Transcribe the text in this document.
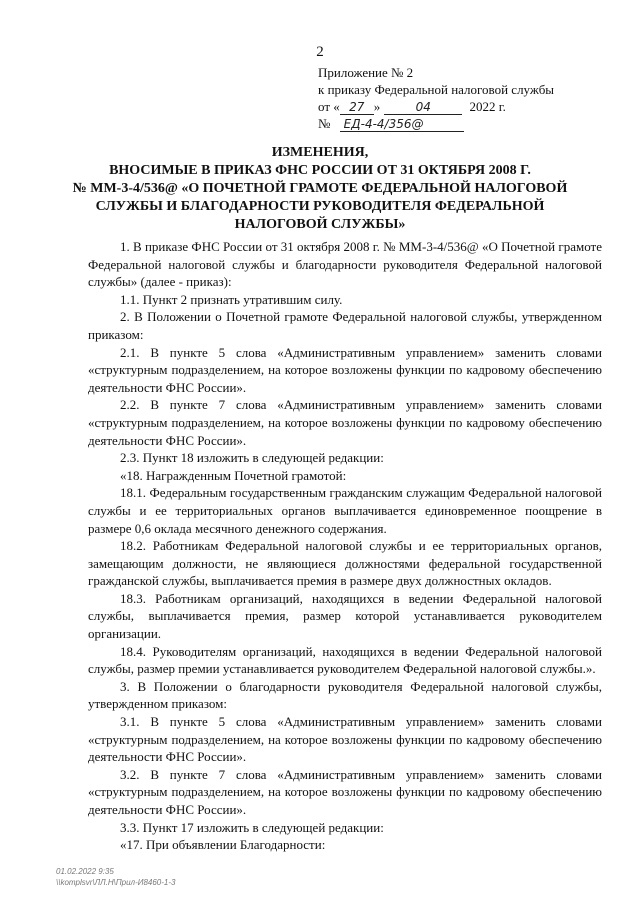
2
Приложение № 2
к приказу Федеральной налоговой службы
от « 27 »	04	2022 г.
№ ЕД-4-4/356@
ИЗМЕНЕНИЯ,
ВНОСИМЫЕ В ПРИКАЗ ФНС РОССИИ ОТ 31 ОКТЯБРЯ 2008 Г.
№ ММ-3-4/536@ «О ПОЧЕТНОЙ ГРАМОТЕ ФЕДЕРАЛЬНОЙ НАЛОГОВОЙ
СЛУЖБЫ И БЛАГОДАРНОСТИ РУКОВОДИТЕЛЯ ФЕДЕРАЛЬНОЙ
НАЛОГОВОЙ СЛУЖБЫ»

1. В приказе ФНС России от 31 октября 2008 г. № ММ-3-4/536@ «О Почетной грамоте Федеральной налоговой службы и благодарности руководителя Федеральной налоговой службы» (далее - приказ):

1.1. Пункт 2 признать утратившим силу.

2. В Положении о Почетной грамоте Федеральной налоговой службы, утвержденном приказом:

2.1. В пункте 5 слова «Административным управлением» заменить словами «структурным подразделением, на которое возложены функции по кадровому обеспечению деятельности ФНС России».

2.2. В пункте 7 слова «Административным управлением» заменить словами «структурным подразделением, на которое возложены функции по кадровому обеспечению деятельности ФНС России».

2.3. Пункт 18 изложить в следующей редакции:

«18. Награжденным Почетной грамотой:

18.1. Федеральным государственным гражданским служащим Федеральной налоговой службы и ее территориальных органов выплачивается единовременное поощрение в размере 0,6 оклада месячного денежного содержания.

18.2. Работникам Федеральной налоговой службы и ее территориальных органов, замещающим должности, не являющиеся должностями федеральной государственной гражданской службы, выплачивается премия в размере двух должностных окладов.

18.3. Работникам организаций, находящихся в ведении Федеральной налоговой службы, выплачивается премия, размер которой устанавливается руководителем организации.

18.4. Руководителям организаций, находящихся в ведении Федеральной налоговой службы, размер премии устанавливается руководителем Федеральной налоговой службы.».

3. В Положении о благодарности руководителя Федеральной налоговой службы, утвержденном приказом:

3.1. В пункте 5 слова «Административным управлением» заменить словами «структурным подразделением, на которое возложены функции по кадровому обеспечению деятельности ФНС России».

3.2. В пункте 7 слова «Административным управлением» заменить словами «структурным подразделением, на которое возложены функции по кадровому обеспечению деятельности ФНС России».

3.3. Пункт 17 изложить в следующей редакции:

«17. При объявлении Благодарности:

01.02.2022 9:35
\\komplsvr\ЛЛ.Н\Прил-И8460-1-3
